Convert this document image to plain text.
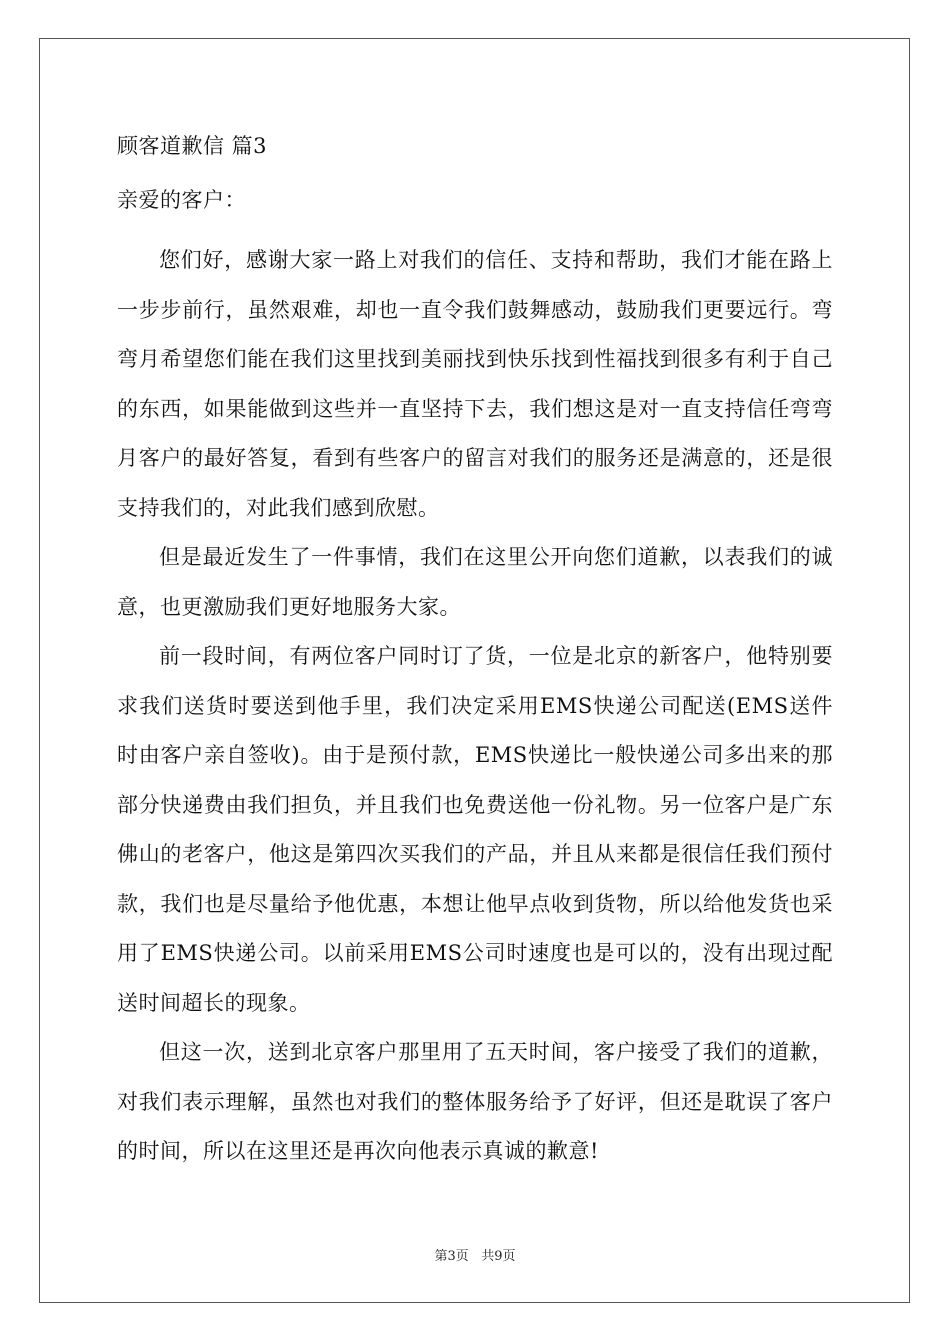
顾客道歉信 篇3
亲爱的客户：

您们好，感谢大家一路上对我们的信任、支持和帮助，我们才能在路上一步步前行，虽然艰难，却也一直令我们鼓舞感动，鼓励我们更要远行。弯弯月希望您们能在我们这里找到美丽找到快乐找到性福找到很多有利于自己的东西，如果能做到这些并一直坚持下去，我们想这是对一直支持信任弯弯月客户的最好答复，看到有些客户的留言对我们的服务还是满意的，还是很支持我们的，对此我们感到欣慰。

但是最近发生了一件事情，我们在这里公开向您们道歉，以表我们的诚意，也更激励我们更好地服务大家。

前一段时间，有两位客户同时订了货，一位是北京的新客户，他特别要求我们送货时要送到他手里，我们决定采用EMS快递公司配送(EMS送件时由客户亲自签收)。由于是预付款，EMS快递比一般快递公司多出来的那部分快递费由我们担负，并且我们也免费送他一份礼物。另一位客户是广东佛山的老客户，他这是第四次买我们的产品，并且从来都是很信任我们预付款，我们也是尽量给予他优惠，本想让他早点收到货物，所以给他发货也采用了EMS快递公司。以前采用EMS公司时速度也是可以的，没有出现过配送时间超长的现象。

但这一次，送到北京客户那里用了五天时间，客户接受了我们的道歉，对我们表示理解，虽然也对我们的整体服务给予了好评，但还是耽误了客户的时间，所以在这里还是再次向他表示真诚的歉意!

第3页 共9页
